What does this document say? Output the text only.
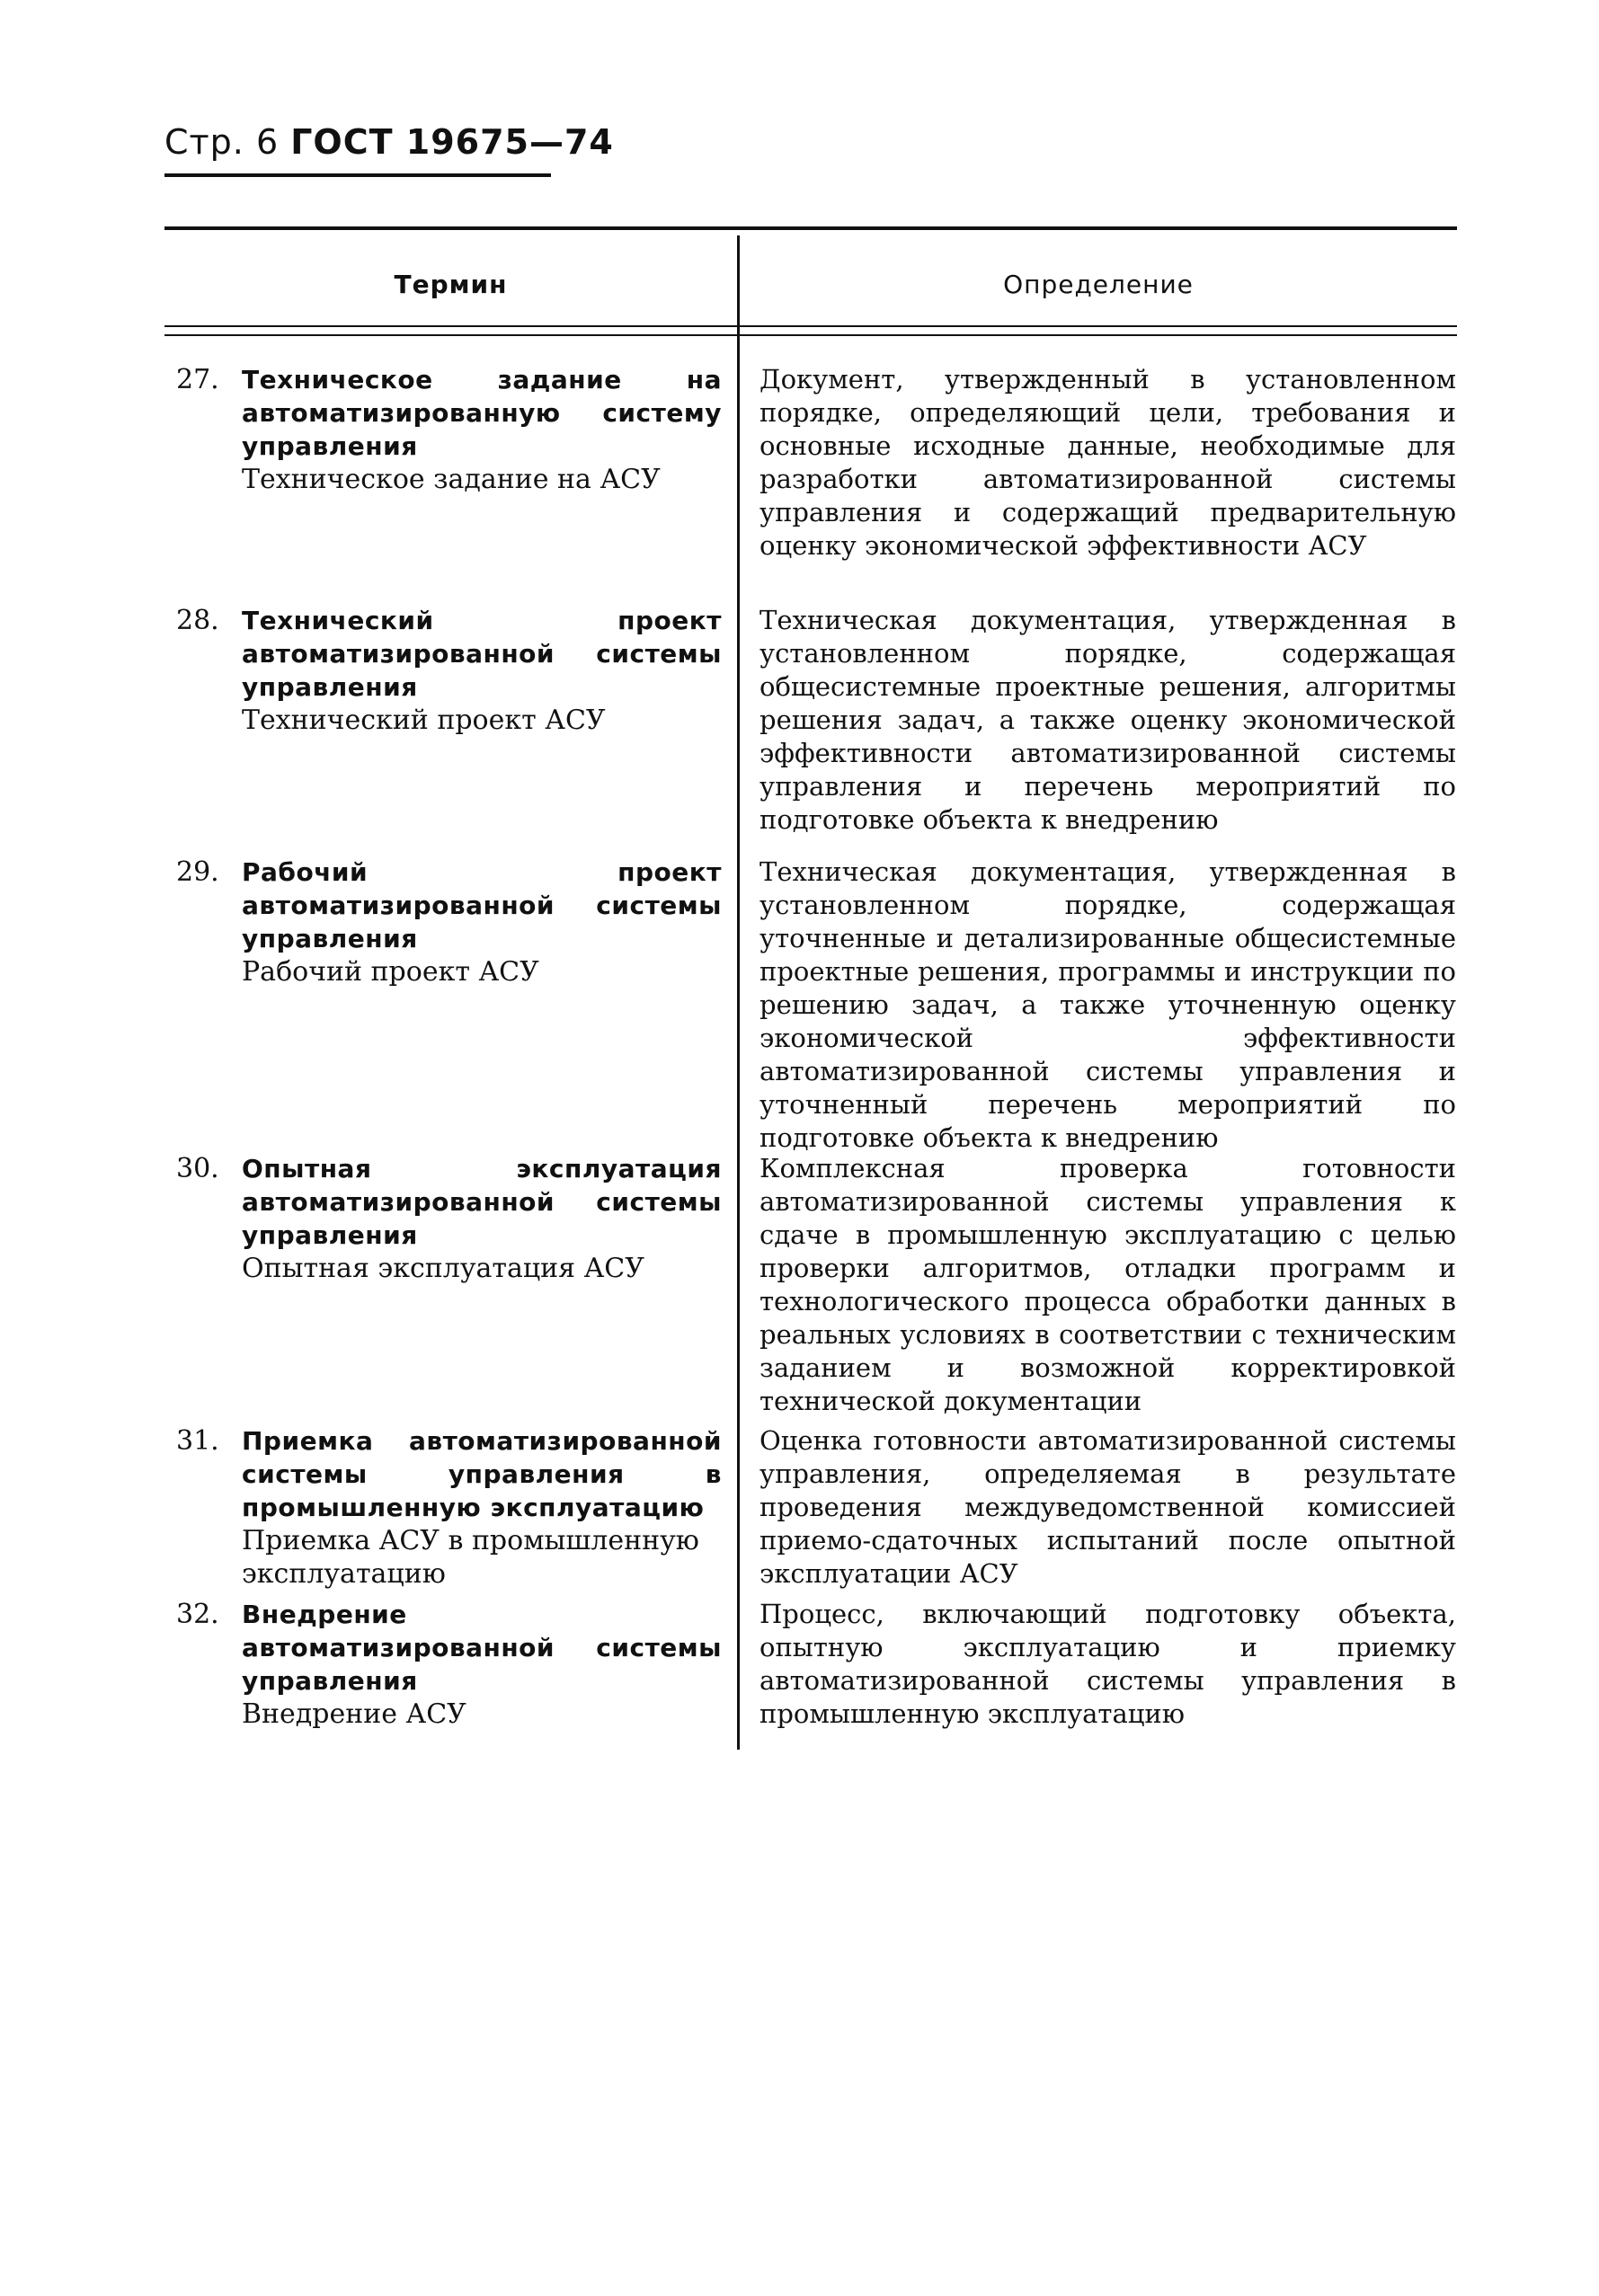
Стр. 6 ГОСТ 19675—74
Термин	Определение
27. Техническое задание на автоматизированную систему управления
Техническое задание на АСУ
Документ, утвержденный в установленном порядке, определяющий цели, требования и основные исходные данные, необходимые для разработки автоматизированной системы управления и содержащий предварительную оценку экономической эффективности АСУ
28. Технический проект автоматизированной системы управления
Технический проект АСУ
Техническая документация, утвержденная в установленном порядке, содержащая общесистемные проектные решения, алгоритмы решения задач, а также оценку экономической эффективности автоматизированной системы управления и перечень мероприятий по подготовке объекта к внедрению
29. Рабочий проект автоматизированной системы управления
Рабочий проект АСУ
Техническая документация, утвержденная в установленном порядке, содержащая уточненные и детализированные общесистемные проектные решения, программы и инструкции по решению задач, а также уточненную оценку экономической эффективности автоматизированной системы управления и уточненный перечень мероприятий по подготовке объекта к внедрению
30. Опытная эксплуатация автоматизированной системы управления
Опытная эксплуатация АСУ
Комплексная проверка готовности автоматизированной системы управления к сдаче в промышленную эксплуатацию с целью проверки алгоритмов, отладки программ и технологического процесса обработки данных в реальных условиях в соответствии с техническим заданием и возможной корректировкой технической документации
31. Приемка автоматизированной системы управления в промышленную эксплуатацию
Приемка АСУ в промышленную эксплуатацию
Оценка готовности автоматизированной системы управления, определяемая в результате проведения междуведомственной комиссией приемо-сдаточных испытаний после опытной эксплуатации АСУ
32. Внедрение автоматизированной системы управления
Внедрение АСУ
Процесс, включающий подготовку объекта, опытную эксплуатацию и приемку автоматизированной системы управления в промышленную эксплуатацию
